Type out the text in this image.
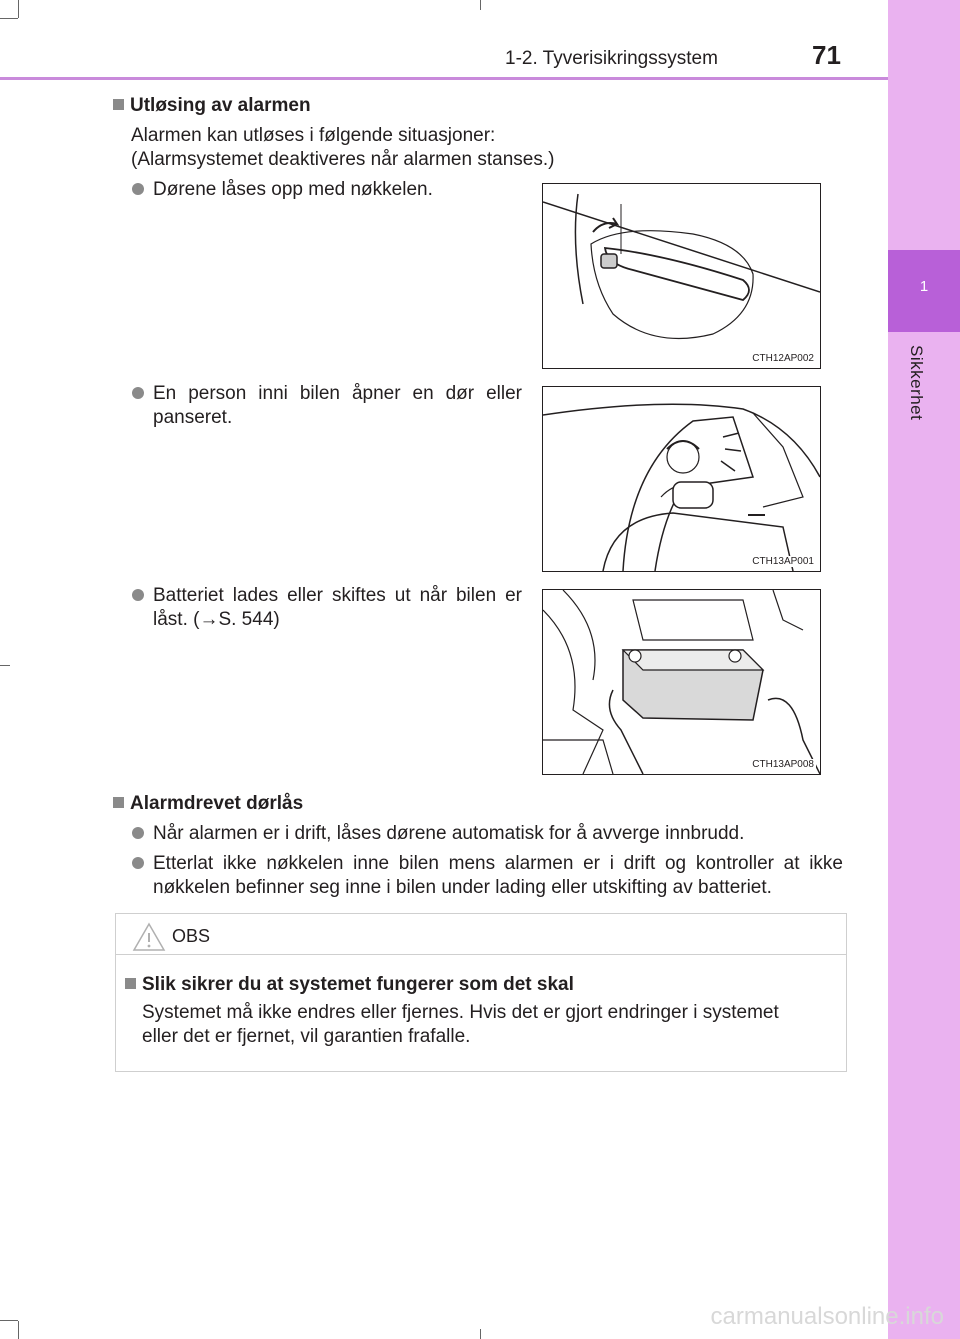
1
Sikkerhet
1-2. Tyverisikringssystem	71
Utløsing av alarmen
Alarmen kan utløses i følgende situasjoner:
(Alarmsystemet deaktiveres når alarmen stanses.)
Dørene låses opp med nøkkelen.
En person inni bilen åpner en dør eller
panseret.
Batteriet lades eller skiftes ut når bilen er
låst. (→S. 544)
CTH12AP002
CTH13AP001
CTH13AP008
Alarmdrevet dørlås
Når alarmen er i drift, låses dørene automatisk for å avverge innbrudd.
Etterlat ikke nøkkelen inne bilen mens alarmen er i drift og kontroller at ikke
nøkkelen befinner seg inne i bilen under lading eller utskifting av batteriet.
OBS
Slik sikrer du at systemet fungerer som det skal
Systemet må ikke endres eller fjernes. Hvis det er gjort endringer i systemet
eller det er fjernet, vil garantien frafalle.
carmanualsonline.info
